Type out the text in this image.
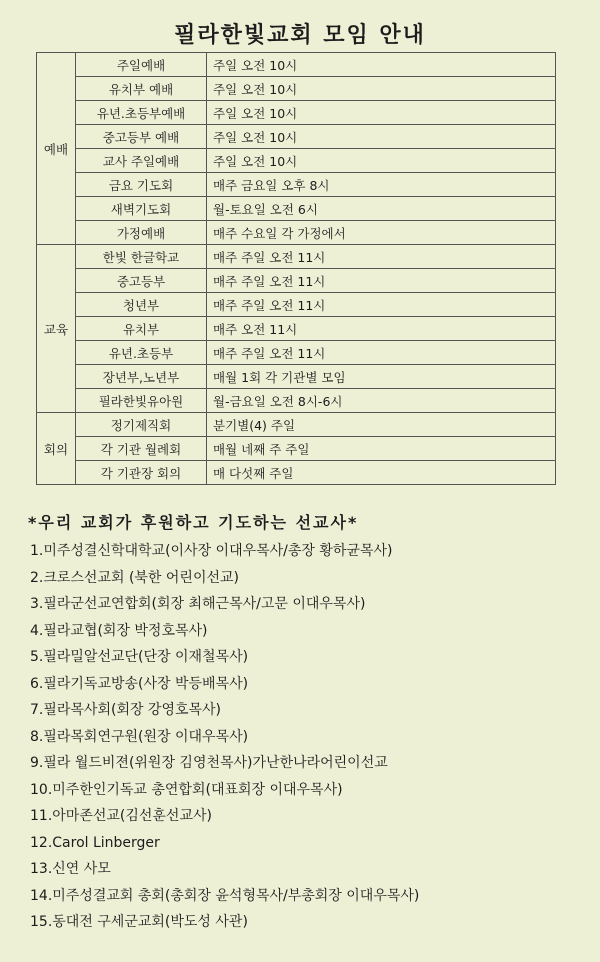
필라한빛교회 모임 안내
예배	주일예배	주일 오전 10시
	유치부 예배	주일 오전 10시
	유년.초등부예배	주일 오전 10시
	중고등부 예배	주일 오전 10시
	교사 주일예배	주일 오전 10시
	금요 기도회	매주 금요일 오후 8시
	새벽기도회	월-토요일 오전 6시
	가정예배	매주 수요일 각 가정에서
교육	한빛 한글학교	매주 주일 오전 11시
	중고등부	매주 주일 오전 11시
	청년부	매주 주일 오전 11시
	유치부	매주 오전 11시
	유년.초등부	매주 주일 오전 11시
	장년부,노년부	매월 1회 각 기관별 모임
	필라한빛유아원	월-금요일 오전 8시-6시
회의	정기제직회	분기별(4) 주일
	각 기관 월례회	매월 네째 주 주일
	각 기관장 회의	매 다섯째 주일
*우리 교회가 후원하고 기도하는 선교사*
1.미주성결신학대학교(이사장 이대우목사/총장 황하균목사)
2.크로스선교회 (북한 어린이선교)
3.필라군선교연합회(회장 최해근목사/고문 이대우목사)
4.필라교협(회장 박정호목사)
5.필라밀알선교단(단장 이재철목사)
6.필라기독교방송(사장 박등배목사)
7.필라목사회(회장 강영호목사)
8.필라목회연구원(원장 이대우목사)
9.필라 월드비젼(위원장 김영천목사)가난한나라어린이선교
10.미주한인기독교 총연합회(대표회장 이대우목사)
11.아마존선교(김선훈선교사)
12.Carol Linberger
13.신연 사모
14.미주성결교회 총회(총회장 윤석형목사/부총회장 이대우목사)
15.동대전 구세군교회(박도성 사관)
